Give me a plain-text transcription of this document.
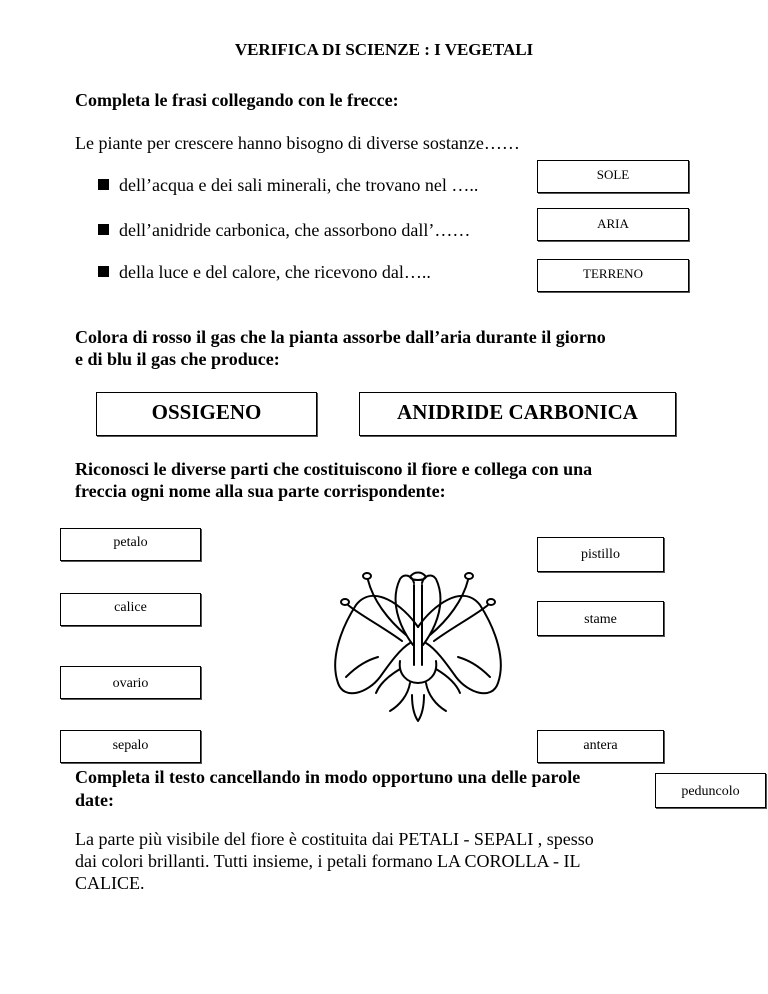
VERIFICA DI SCIENZE : I VEGETALI
Completa le frasi collegando con le frecce:
Le piante per crescere hanno bisogno di diverse sostanze……
dell’acqua e dei sali minerali, che trovano nel …..
dell’anidride carbonica, che assorbono dall’……
della luce e del calore, che ricevono dal…..
SOLE
ARIA
TERRENO
Colora di rosso il gas che la pianta assorbe dall’aria durante il giorno
e di blu il gas che produce:
OSSIGENO	ANIDRIDE CARBONICA
Riconosci le diverse parti che costituiscono il fiore e collega con una
freccia ogni nome alla sua parte corrispondente:
petalo
calice
ovario
sepalo
pistillo
stame
antera
peduncolo
Completa il testo cancellando in modo opportuno una delle parole
date:
La parte più visibile del fiore è costituita dai PETALI - SEPALI , spesso
dai colori brillanti. Tutti insieme, i petali formano LA COROLLA - IL
CALICE.
